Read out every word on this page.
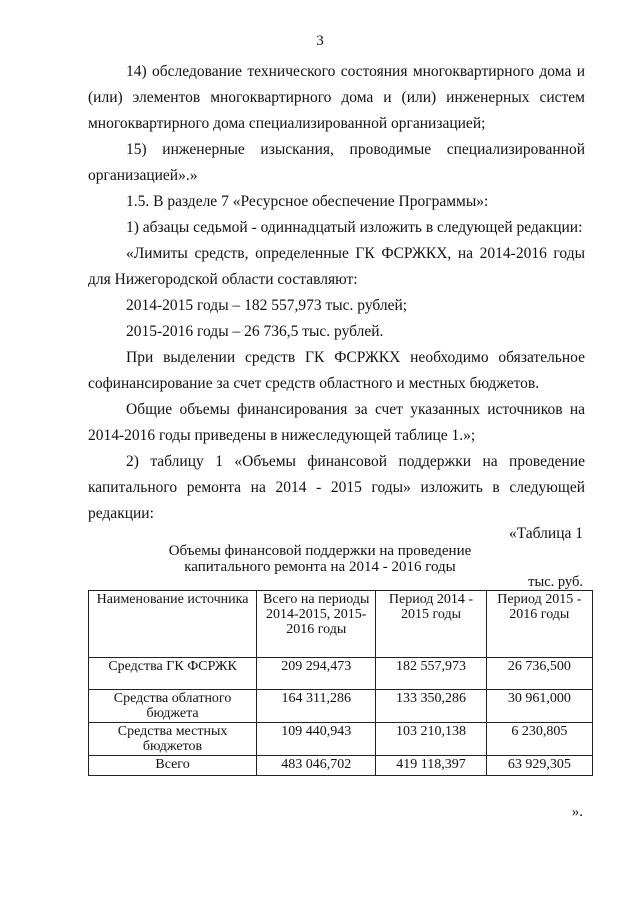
3
14) обследование технического состояния многоквартирного дома и
(или) элементов многоквартирного дома и (или) инженерных систем
многоквартирного дома специализированной организацией;
15) инженерные изыскания, проводимые специализированной
организацией».»
1.5. В разделе 7 «Ресурсное обеспечение Программы»:
1) абзацы седьмой - одиннадцатый изложить в следующей редакции:
«Лимиты средств, определенные ГК ФСРЖКХ, на 2014-2016 годы
для Нижегородской области составляют:
2014-2015 годы – 182 557,973 тыс. рублей;
2015-2016 годы – 26 736,5 тыс. рублей.
При выделении средств ГК ФСРЖКХ необходимо обязательное
софинансирование за счет средств областного и местных бюджетов.
Общие объемы финансирования за счет указанных источников на
2014-2016 годы приведены в нижеследующей таблице 1.»;
2) таблицу 1 «Объемы финансовой поддержки на проведение
капитального ремонта на 2014 - 2015 годы» изложить в следующей
редакции:
«Таблица 1
Объемы финансовой поддержки на проведение
капитального ремонта на 2014 - 2016 годы
тыс. руб.
Наименование источника	Всего на периоды 2014-2015, 2015- 2016 годы	Период 2014 - 2015 годы	Период 2015 - 2016 годы
Средства ГК ФСРЖК	209 294,473	182 557,973	26 736,500
Средства облатного бюджета	164 311,286	133 350,286	30 961,000
Средства местных бюджетов	109 440,943	103 210,138	6 230,805
Всего	483 046,702	419 118,397	63 929,305
».
